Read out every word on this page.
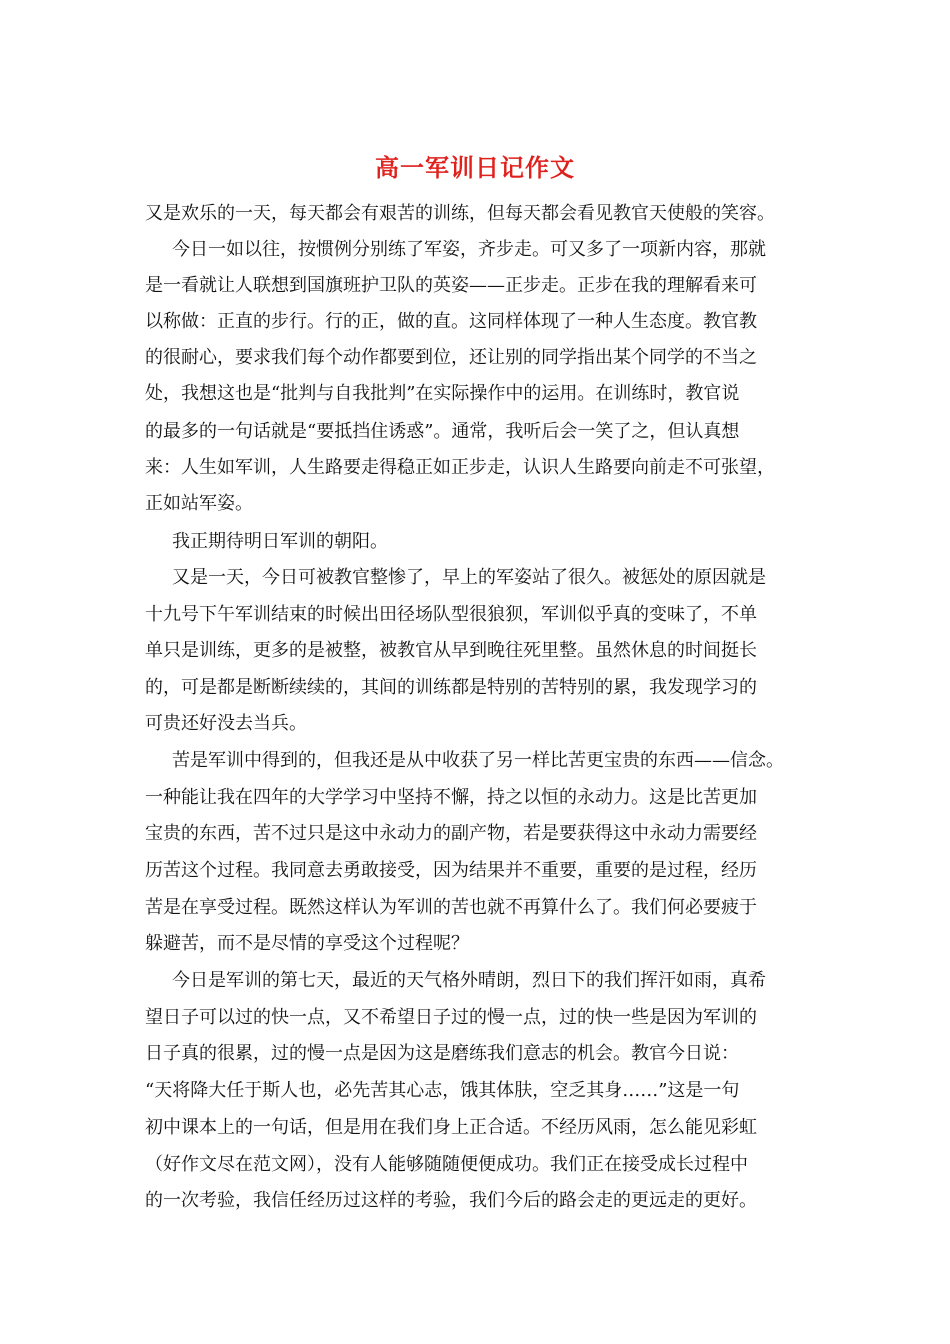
高一军训日记作文
又是欢乐的一天，每天都会有艰苦的训练，但每天都会看见教官天使般的笑容。
今日一如以往，按惯例分别练了军姿，齐步走。可又多了一项新内容，那就
是一看就让人联想到国旗班护卫队的英姿——正步走。正步在我的理解看来可
以称做：正直的步行。行的正，做的直。这同样体现了一种人生态度。教官教
的很耐心，要求我们每个动作都要到位，还让别的同学指出某个同学的不当之
处，我想这也是“批判与自我批判”在实际操作中的运用。在训练时，教官说
的最多的一句话就是“要抵挡住诱惑”。通常，我听后会一笑了之，但认真想
来：人生如军训，人生路要走得稳正如正步走，认识人生路要向前走不可张望，
正如站军姿。
我正期待明日军训的朝阳。
又是一天，今日可被教官整惨了，早上的军姿站了很久。被惩处的原因就是
十九号下午军训结束的时候出田径场队型很狼狈，军训似乎真的变味了，不单
单只是训练，更多的是被整，被教官从早到晚往死里整。虽然休息的时间挺长
的，可是都是断断续续的，其间的训练都是特别的苦特别的累，我发现学习的
可贵还好没去当兵。
苦是军训中得到的，但我还是从中收获了另一样比苦更宝贵的东西——信念。
一种能让我在四年的大学学习中坚持不懈，持之以恒的永动力。这是比苦更加
宝贵的东西，苦不过只是这中永动力的副产物，若是要获得这中永动力需要经
历苦这个过程。我同意去勇敢接受，因为结果并不重要，重要的是过程，经历
苦是在享受过程。既然这样认为军训的苦也就不再算什么了。我们何必要疲于
躲避苦，而不是尽情的享受这个过程呢？
今日是军训的第七天，最近的天气格外晴朗，烈日下的我们挥汗如雨，真希
望日子可以过的快一点，又不希望日子过的慢一点，过的快一些是因为军训的
日子真的很累，过的慢一点是因为这是磨练我们意志的机会。教官今日说：
“天将降大任于斯人也，必先苦其心志，饿其体肤，空乏其身……”这是一句
初中课本上的一句话，但是用在我们身上正合适。不经历风雨，怎么能见彩虹
（好作文尽在范文网），没有人能够随随便便成功。我们正在接受成长过程中
的一次考验，我信任经历过这样的考验，我们今后的路会走的更远走的更好。
